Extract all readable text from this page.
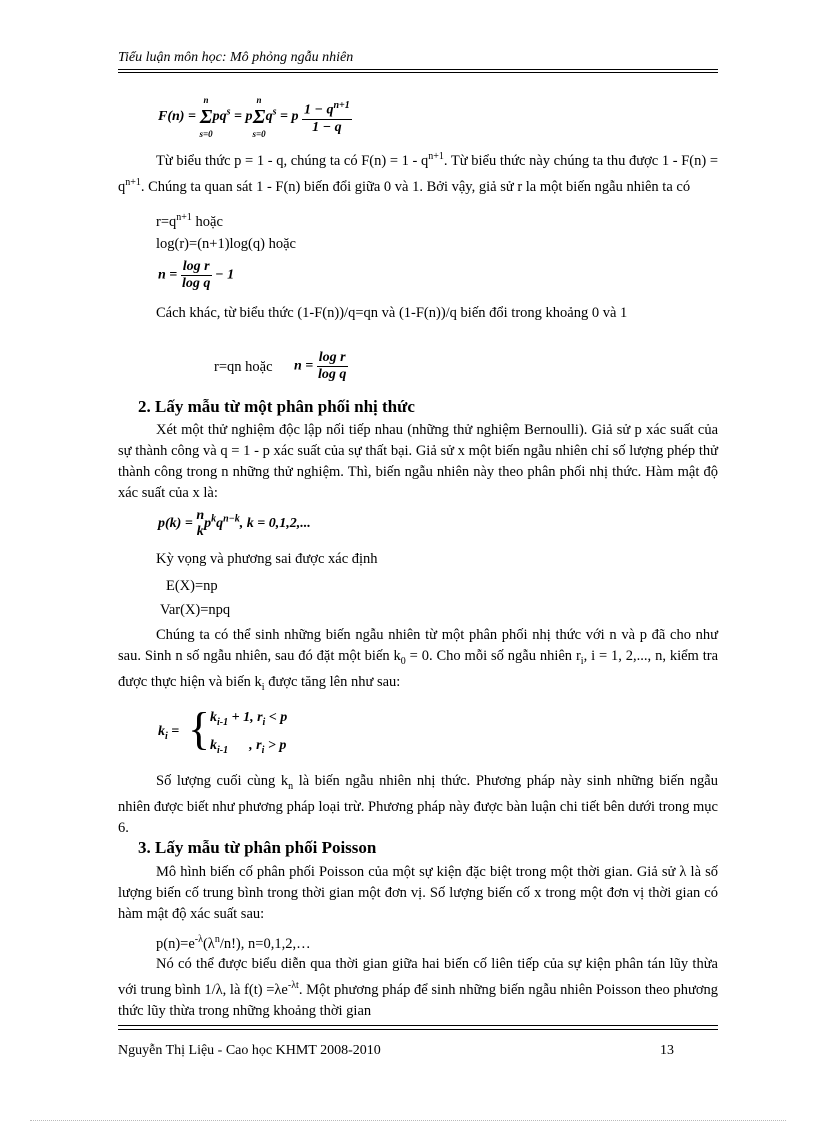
Tiểu luận môn học: Mô phỏng ngẫu nhiên
F(n) =
n
Σ
s=0
$pq^s = p$
n
Σ
s=0
$q^s = p \frac{1 - q^{n+1}}{1 - q}$
Từ biểu thức p = 1 - q, chúng ta có $F(n) = 1 - q^{n+1}$. Từ biểu thức này chúng ta thu được $1 - F(n) = q^{n+1}$. Chúng ta quan sát 1 - F(n) biến đổi giữa 0 và 1. Bởi vậy, giả sử r la một biến ngẫu nhiên ta có
$r=q^{n+1}$ hoặc
log(r)=(n+1)log(q) hoặc
$n = \frac{\text{log r}}{\text{log q}} - 1$
Cách khác, từ biểu thức (1-F(n))/q=qn và (1-F(n))/q biến đổi trong khoảng 0 và 1
r=qn hoặc $n = \frac{\text{log r}}{\text{log q}}$
2. Lấy mẫu từ một phân phối nhị thức
Xét một thử nghiệm độc lập nối tiếp nhau (những thử nghiệm Bernoulli). Giả sử p xác suất của sự thành công và q = 1 - p xác suất của sự thất bại. Giả sử x một biến ngẫu nhiên chỉ số lượng phép thử thành công trong n những thử nghiệm. Thì, biến ngẫu nhiên này theo phân phối nhị thức. Hàm mật độ xác suất của x là:
p(k) =
n
k
$p^kq^{n-k}$, k = 0,1,2,...
Kỳ vọng và phương sai được xác định
E(X)=np
Var(X)=npq
Chúng ta có thể sinh những biến ngẫu nhiên từ một phân phối nhị thức với n và p đã cho như sau. Sinh n số ngẫu nhiên, sau đó đặt một biến $k_0 = 0$. Cho mỗi số ngẫu nhiên $r_i$, i = 1, 2,..., n, kiểm tra được thực hiện và biến $k_i$ được tăng lên như sau:
$k_i$ = { $k_{i-1} + 1$, $r_i < p$
$k_{i-1}$      , $r_i > p$
Số lượng cuối cùng $k_n$ là biến ngẫu nhiên nhị thức. Phương pháp này sinh những biến ngẫu nhiên được biết như phương pháp loại trừ. Phương pháp này được bàn luận chi tiết bên dưới trong mục 6.
3. Lấy mẫu từ phân phối Poisson
Mô hình biến cố phân phối Poisson của một sự kiện đặc biệt trong một thời gian. Giả sử λ là số lượng biến cố trung bình trong thời gian một đơn vị. Số lượng biến cố x trong một đơn vị thời gian có hàm mật độ xác suất sau:
$p(n)=e^{-\lambda}(\lambda^n/n!)$, n=0,1,2,…
Nó có thể được biểu diễn qua thời gian giữa hai biến cố liên tiếp của sự kiện phân tán lũy thừa với trung bình 1/λ, là $f(t) =\lambda e^{-\lambda t}$. Một phương pháp để sinh những biến ngẫu nhiên Poisson theo phương thức lũy thừa trong những khoảng thời gian
Nguyễn Thị Liệu - Cao học KHMT 2008-2010	13
